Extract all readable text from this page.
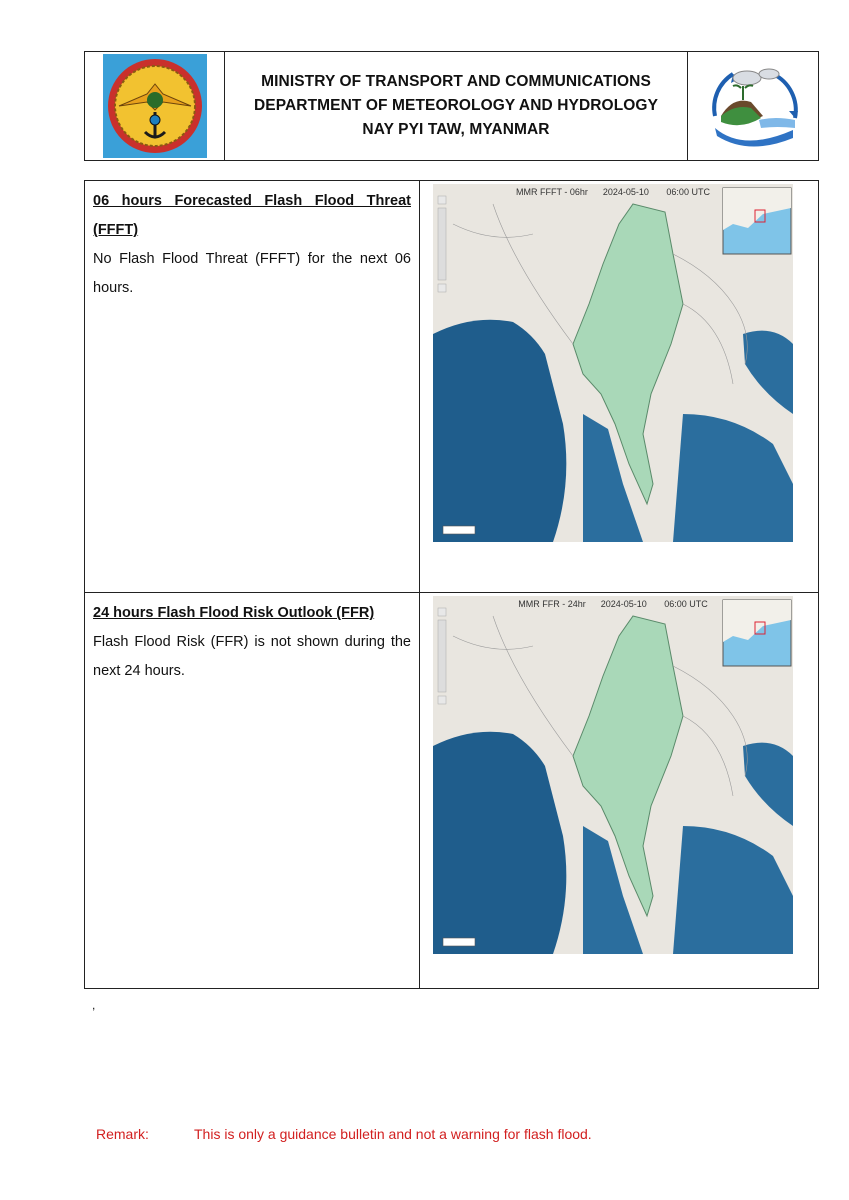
MINISTRY OF TRANSPORT AND COMMUNICATIONS
DEPARTMENT OF METEOROLOGY AND HYDROLOGY
NAY PYI TAW, MYANMAR
06 hours Forecasted Flash Flood Threat (FFFT)
No Flash Flood Threat (FFFT) for the next 06 hours.
MMR FFFT - 06hr      2024-05-10       06:00 UTC
24 hours Flash Flood Risk Outlook (FFR)
Flash Flood Risk (FFR) is not shown during the next 24 hours.
MMR FFR - 24hr      2024-05-10       06:00 UTC
,
Remark:	This is only a guidance bulletin and not a warning for flash flood.
